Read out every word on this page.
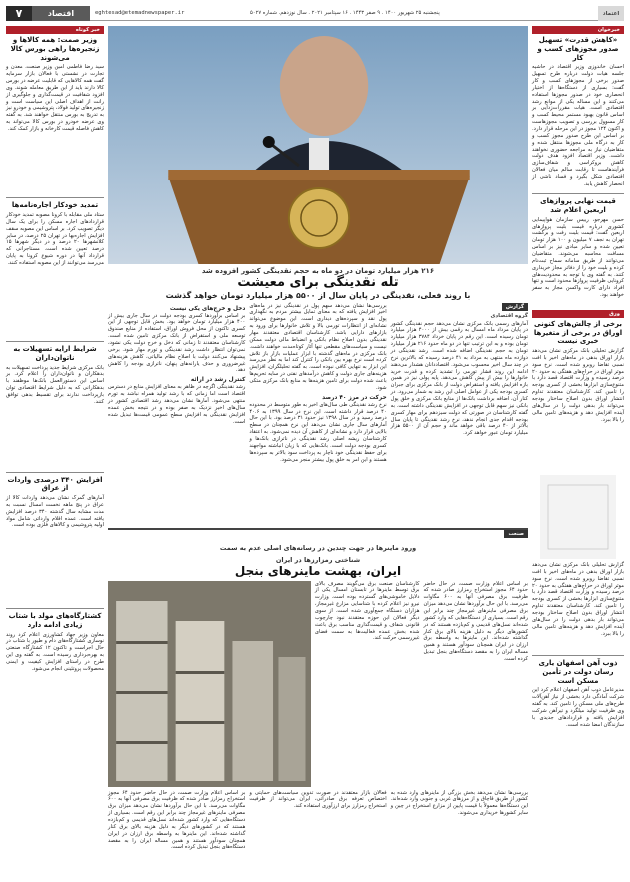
۷	اقتصاد	eghtesad@etemadnewspaper.ir	پنجشنبه ۲۵ شهریور ۱۴۰۰ . ۹ صفر ۱۴۴۳ . ۱۶ سپتامبر ۲۰۲۱ . سال نوزدهم. شماره ۵۰۲۷	اعتماد
خبرخوان
«کاهش قدرت» تسهیل صدور مجوزهای کسب و کار
احسان خاندوزی وزیر اقتصاد در حاشیه جلسه هیات دولت درباره طرح تسهیل صدور برخی از مجوزهای کسب و کار گفت: بسیاری از دستگاه‌ها از اختیار انحصاری خود در صدور مجوزها استفاده می‌کنند و این مساله یکی از موانع رشد اقتصادی است. هیات مقررات‌زدایی بر اساس قانون بهبود مستمر محیط کسب و کار مسوول بررسی و تصویب مجوزهاست و اکنون ۱۲۴ مجوز در این مرحله قرار دارد. بر اساس این طرح صدور مجوز کسب و کار به درگاه ملی مجوزها منتقل شده و متقاضیان نیاز به مراجعه حضوری نخواهند داشت. وزیر اقتصاد افزود هدف دولت کاهش بروکراسی و شفاف‌سازی فرآیندهاست تا رقابت سالم میان فعالان اقتصادی شکل بگیرد و فساد ناشی از انحصار کاهش یابد.
قیمت نهایی پروازهای اربعین اعلام شد
حسن مهرجو، رییس سازمان هواپیمایی کشوری درباره قیمت بلیت پروازهای اربعین گفت: قیمت بلیت رفت و برگشت تهران به نجف ۷ میلیون و ۱۰۰ هزار تومان تعیین شده و سایر مبادی نیز بر اساس مسافت محاسبه می‌شوند. متقاضیان می‌توانند از طریق سامانه سماح ثبت‌نام کرده و بلیت خود را از دفاتر مجاز خریداری کنند. به گفته وی با توجه به محدودیت‌های کرونایی ظرفیت پروازها محدود است و تنها افراد دارای کارت واکسن مجاز به سفر خواهند بود.
ورق
برخی از چالش‌های کنونی اوراق در برخی از متغیرها خبری نیست
گزارش تحلیلی بانک مرکزی نشان می‌دهد بازار اوراق بدهی در ماه‌های اخیر با افت نسبی تقاضا روبرو شده است. نرخ سود موثر اوراق در حراج‌های هفتگی به حدود ۲۰ درصد رسیده و وزارت اقتصاد قصد دارد با متنوع‌سازی ابزارها بخشی از کسری بودجه را تامین کند. کارشناسان معتقدند تداوم انتشار اوراق بدون اصلاح ساختار بودجه می‌تواند بار بدهی دولت را در سال‌های آینده افزایش دهد و هزینه‌های تامین مالی را بالا ببرد.
گزارش تحلیلی بانک مرکزی نشان می‌دهد بازار اوراق بدهی در ماه‌های اخیر با افت نسبی تقاضا روبرو شده است. نرخ سود موثر اوراق در حراج‌های هفتگی به حدود ۲۰ درصد رسیده و وزارت اقتصاد قصد دارد با متنوع‌سازی ابزارها بخشی از کسری بودجه را تامین کند. کارشناسان معتقدند تداوم انتشار اوراق بدون اصلاح ساختار بودجه می‌تواند بار بدهی دولت را در سال‌های آینده افزایش دهد و هزینه‌های تامین مالی را بالا ببرد.
ذوب آهن اصفهان یاری رسان دولت در تأمین مسکن است
مدیرعامل ذوب آهن اصفهان اعلام کرد این شرکت آمادگی دارد بخشی از نیاز آهن‌آلات طرح‌های ملی مسکن را تامین کند. به گفته وی ظرفیت تولید میلگرد و تیرآهن شرکت افزایش یافته و قراردادهای جدیدی با سازندگان امضا شده است.
خبر کوتاه
وزیر صمت: همه کالاها و زنجیره‌ها راهی بورس کالا می‌شوند
سید رضا فاطمی امین وزیر صنعت، معدن و تجارت در نشستی با فعالان بازار سرمایه گفت همه کالاهایی که قابلیت عرضه در بورس کالا دارند باید از این طریق معامله شوند. وی افزود شفافیت در قیمت‌گذاری و جلوگیری از رانت از اهداف اصلی این سیاست است و زنجیره‌های تولید فولاد، پتروشیمی و خودرو نیز به تدریج به بورس منتقل خواهند شد. به گفته وی عرضه خودرو در بورس کالا می‌تواند به کاهش فاصله قیمت کارخانه و بازار کمک کند.
تمدید خودکار اجاره‌نامه‌ها
ستاد ملی مقابله با کرونا مصوبه تمدید خودکار قراردادهای اجاره مسکن را برای یک سال دیگر تصویب کرد. بر اساس این مصوبه سقف افزایش اجاره‌بها در تهران ۲۵ درصد، در سایر کلانشهرها ۲۰ درصد و در دیگر شهرها ۱۵ درصد تعیین شده است. مستاجرانی که قرارداد آنها در دوره شیوع کرونا به پایان می‌رسد می‌توانند از این مصوبه استفاده کنند.
شرایط ارایه تسهیلات به ناتوان‌داران
بانک مرکزی شرایط جدید پرداخت تسهیلات به بدهکاران و ناتوان‌داران را اعلام کرد. بر اساس این دستورالعمل بانک‌ها موظفند با بدهکارانی که به دلیل شرایط اقتصادی توان بازپرداخت ندارند برای تقسیط بدهی توافق کنند.
افزایش ۳۴۰ درصدی واردات از عراق
آمارهای گمرک نشان می‌دهد واردات کالا از عراق در پنج ماهه نخست امسال نسبت به مدت مشابه سال گذشته ۳۴۰ درصد افزایش یافته است. عمده اقلام وارداتی شامل مواد اولیه پتروشیمی و کالاهای فلزی بوده است.
کشتارگاه‌های مولد با شتاب زیادی ادامه دارد
معاون وزیر جهاد کشاورزی اعلام کرد روند نوسازی کشتارگاه‌های دام و طیور با شتاب در حال اجراست و تاکنون ۱۲ کشتارگاه صنعتی به بهره‌برداری رسیده است. به گفته وی این طرح در راستای افزایش کیفیت و ایمنی محصولات پروتئینی انجام می‌شود.
۲۱۶ هزار میلیارد تومان در دو ماه به حجم نقدینگی کشور افزوده شد
تله نقدینگی برای معیشت
با روند فعلی، نقدینگی در پایان سال از ۵۵۰۰ هزار میلیارد تومان خواهد گذشت
گزارش
گروه اقتصادی
آمارهای رسمی بانک مرکزی نشان می‌دهد حجم نقدینگی کشور در پایان مرداد ماه امسال به رقمی بیش از ۴۰۰۰ هزار میلیارد تومان رسیده است. این رقم در پایان خرداد ۳۷۸۴ هزار میلیارد تومان بوده و به این ترتیب تنها در دو ماه حدود ۲۱۶ هزار میلیارد تومان به حجم نقدینگی اضافه شده است. رشد نقدینگی در دوازده ماه منتهی به مرداد به ۴۱ درصد رسیده که بالاترین نرخ در چند سال اخیر محسوب می‌شود. اقتصاددانان هشدار می‌دهند ادامه این روند فشار تورمی را تشدید کرده و قدرت خرید خانوارها را بیش از پیش کاهش می‌دهد. پایه پولی نیز در همین بازه افزایش یافته و استقراض دولت از بانک مرکزی برای جبران کسری بودجه یکی از عوامل اصلی این رشد به شمار می‌رود. در کنار آن، اضافه برداشت بانک‌ها از منابع بانک مرکزی و خلق پول بانکی نیز سهم قابل توجهی در افزایش نقدینگی داشته است. به گفته کارشناسان در صورتی که دولت سیزدهم برای مهار کسری بودجه اقدام جدی انجام ندهد، نرخ رشد نقدینگی تا پایان سال بالاتر از ۴۰ درصد باقی خواهد ماند و حجم آن از ۵۵۰۰ هزار میلیارد تومان عبور خواهد کرد.
بررسی‌ها نشان می‌دهد سهم پول در نقدینگی نیز در ماه‌های اخیر افزایش یافته که به معنای تمایل بیشتر مردم به نگهداری پول نقد و سپرده‌های دیداری است. این موضوع می‌تواند نشانه‌ای از انتظارات تورمی بالا و تلاش خانوارها برای ورود به بازارهای دارایی باشد. کارشناسان اقتصادی معتقدند مهار نقدینگی بدون اصلاح نظام بانکی و انضباط مالی دولت ممکن نیست و سیاست‌های مقطعی تنها آثار کوتاه‌مدت خواهند داشت. بانک مرکزی در ماه‌های گذشته با ابزار عملیات بازار باز تلاش کرده است نرخ بهره بین بانکی را کنترل کند اما به نظر می‌رسد این ابزار به تنهایی کافی نبوده است. به گفته تحلیلگران، افزایش هزینه‌های جاری دولت و کاهش درآمدهای نفتی در سایه تحریم‌ها باعث شده دولت برای تامین هزینه‌ها به منابع بانک مرکزی متکی شود.
حرکت در مرز ۴۰ درصد
نرخ رشد نقدینگی طی سال‌های اخیر به طور متوسط در محدوده ۴۰ درصد قرار داشته است. این نرخ در سال ۱۳۹۹ به ۴۰.۶ درصد رسید و در سال ۱۳۹۸ نیز حدود ۳۱ درصد بود. با این حال آمارهای سال جاری نشان می‌دهد این نرخ همچنان در سطح بالایی قرار دارد و نشانه‌ای از کاهش آن دیده نمی‌شود. به اعتقاد کارشناسان ریشه اصلی رشد نقدینگی در ناترازی بانک‌ها و کسری بودجه دولت است. بانک‌هایی که با زیان انباشته مواجهند برای حفظ نقدینگی خود ناچار به پرداخت سود بالاتر به سپرده‌ها هستند و این امر به خلق پول بیشتر منجر می‌شود.
دخل و خرج‌های یکی نیست
بر اساس برآوردها کسری بودجه دولت در سال جاری بیش از ۴۰۰ هزار میلیارد تومان خواهد بود. بخش قابل توجهی از این کسری تاکنون از محل فروش اوراق، استفاده از منابع صندوق توسعه ملی و استقراض از بانک مرکزی تامین شده است. کارشناسان معتقدند تا زمانی که دخل و خرج دولت یکی نشود، نمی‌توان انتظار داشت رشد نقدینگی و تورم مهار شود. برخی پیشنهاد می‌کنند دولت با اصلاح نظام مالیاتی، کاهش هزینه‌های غیرضروری و حذف یارانه‌های پنهان، ناترازی بودجه را کاهش دهد.
کنترل رشد در ارائه
رشد نقدینگی اگرچه در ظاهر به معنای افزایش منابع در دسترس اقتصاد است اما زمانی که با رشد تولید همراه نباشد به تورم منتهی می‌شود. آمارها نشان می‌دهد رشد اقتصادی کشور در سال‌های اخیر نزدیک به صفر بوده و در نتیجه بخش عمده افزایش نقدینگی به افزایش سطح عمومی قیمت‌ها تبدیل شده است.
صنعت
ورود ماینرها در جهت چندین در رسانه‌های اصلی عدم به سمت
شناختی رمزارزها در ایران
ایران، بهشت ماینرهای بنجل
بر اساس اعلام وزارت صمت، در حال حاضر حدود ۶۴ مجوز استخراج رمزارز صادر شده که ظرفیت برق مصرفی آنها به ۶۰۰ مگاوات می‌رسد. با این حال برآوردها نشان می‌دهد میزان برق مصرفی ماینرهای غیرمجاز چند برابر این رقم است. بسیاری از دستگاه‌هایی که وارد کشور شده‌اند نسل‌های قدیمی و کم‌بازده هستند که در کشورهای دیگر به دلیل هزینه بالای برق کنار گذاشته شده‌اند. این ماینرها به واسطه برق ارزان در ایران همچنان سودآور هستند و همین مساله ایران را به مقصد دستگاه‌های بنجل تبدیل کرده است.
کارشناسان صنعت برق می‌گویند مصرف بالای برق توسط ماینرها در تابستان امسال یکی از دلایل خاموشی‌های گسترده بوده است. وزارت نیرو نیز اعلام کرده با شناسایی مزارع غیرمجاز، هزاران دستگاه جمع‌آوری شده است. از سوی دیگر فعالان این حوزه معتقدند نبود چارچوب قانونی شفاف و قیمت‌گذاری مناسب برق باعث شده بخش عمده فعالیت‌ها به سمت فضای غیررسمی حرکت کند.
بررسی‌ها نشان می‌دهد بخش بزرگی از ماینرهای وارد شده به کشور از طریق قاچاق و از مرزهای غربی و جنوبی وارد شده‌اند. این دستگاه‌ها معمولاً با قیمت پایین از مزارع استخراج در چین و سایر کشورها خریداری می‌شوند.
فعالان بازار معتقدند در صورت تدوین سیاست‌های حمایتی و اختصاص تعرفه برق صادراتی، ایران می‌تواند از ظرفیت استخراج رمزارز برای ارزآوری استفاده کند.
بر اساس اعلام وزارت صمت، در حال حاضر حدود ۶۴ مجوز استخراج رمزارز صادر شده که ظرفیت برق مصرفی آنها به ۶۰۰ مگاوات می‌رسد. با این حال برآوردها نشان می‌دهد میزان برق مصرفی ماینرهای غیرمجاز چند برابر این رقم است. بسیاری از دستگاه‌هایی که وارد کشور شده‌اند نسل‌های قدیمی و کم‌بازده هستند که در کشورهای دیگر به دلیل هزینه بالای برق کنار گذاشته شده‌اند. این ماینرها به واسطه برق ارزان در ایران همچنان سودآور هستند و همین مساله ایران را به مقصد دستگاه‌های بنجل تبدیل کرده است.
